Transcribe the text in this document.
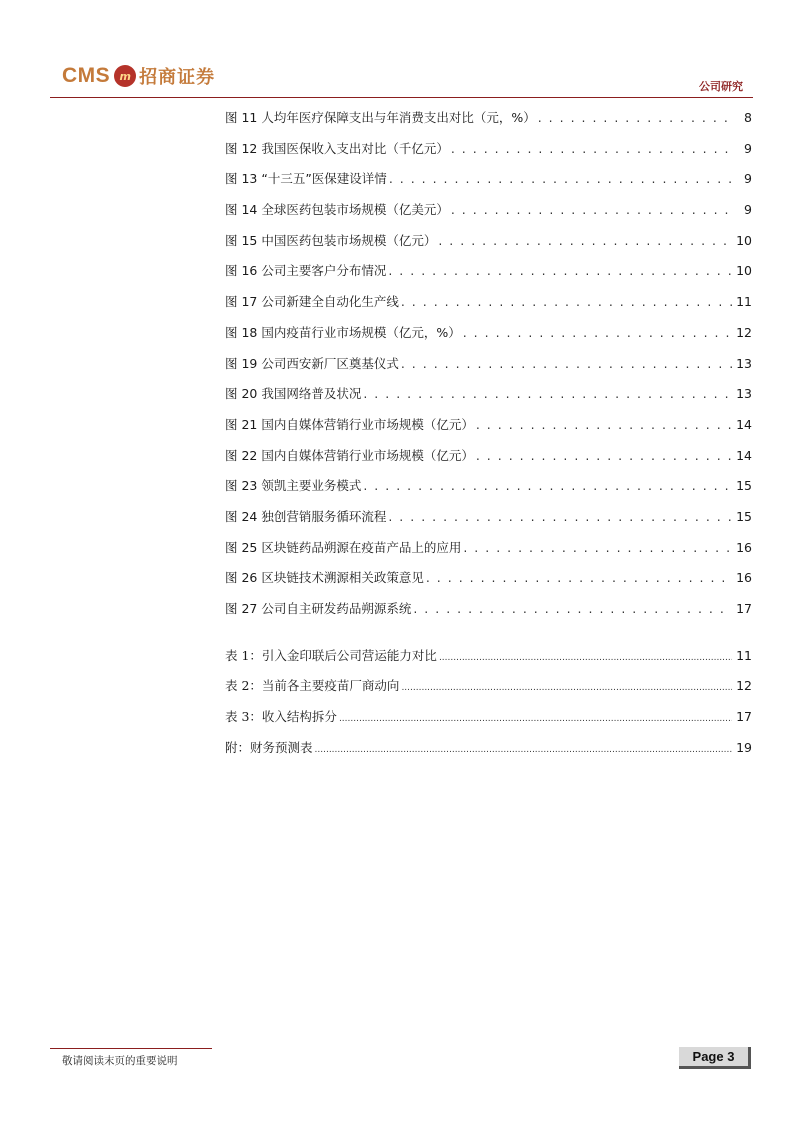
CMS m 招商证券	公司研究
图 11 人均年医疗保障支出与年消费支出对比（元，%） . . .	8
图 12 我国医保收入支出对比（千亿元） . . .	9
图 13 “十三五”医保建设详情 . . .	9
图 14 全球医药包装市场规模（亿美元） . . .	9
图 15 中国医药包装市场规模（亿元） . . .	10
图 16 公司主要客户分布情况 . . .	10
图 17 公司新建全自动化生产线 . . .	11
图 18 国内疫苗行业市场规模（亿元，%） . . .	12
图 19 公司西安新厂区奠基仪式 . . .	13
图 20 我国网络普及状况 . . .	13
图 21 国内自媒体营销行业市场规模（亿元） . . .	14
图 22 国内自媒体营销行业市场规模（亿元） . . .	14
图 23 领凯主要业务模式 . . .	15
图 24 独创营销服务循环流程 . . .	15
图 25 区块链药品朔源在疫苗产品上的应用 . . .	16
图 26 区块链技术溯源相关政策意见 . . .	16
图 27 公司自主研发药品朔源系统 . . .	17
表 1：引入金印联后公司营运能力对比 .....	11
表 2：当前各主要疫苗厂商动向 .....	12
表 3：收入结构拆分 .....	17
附：财务预测表 .....	19
敬请阅读末页的重要说明	Page 3
